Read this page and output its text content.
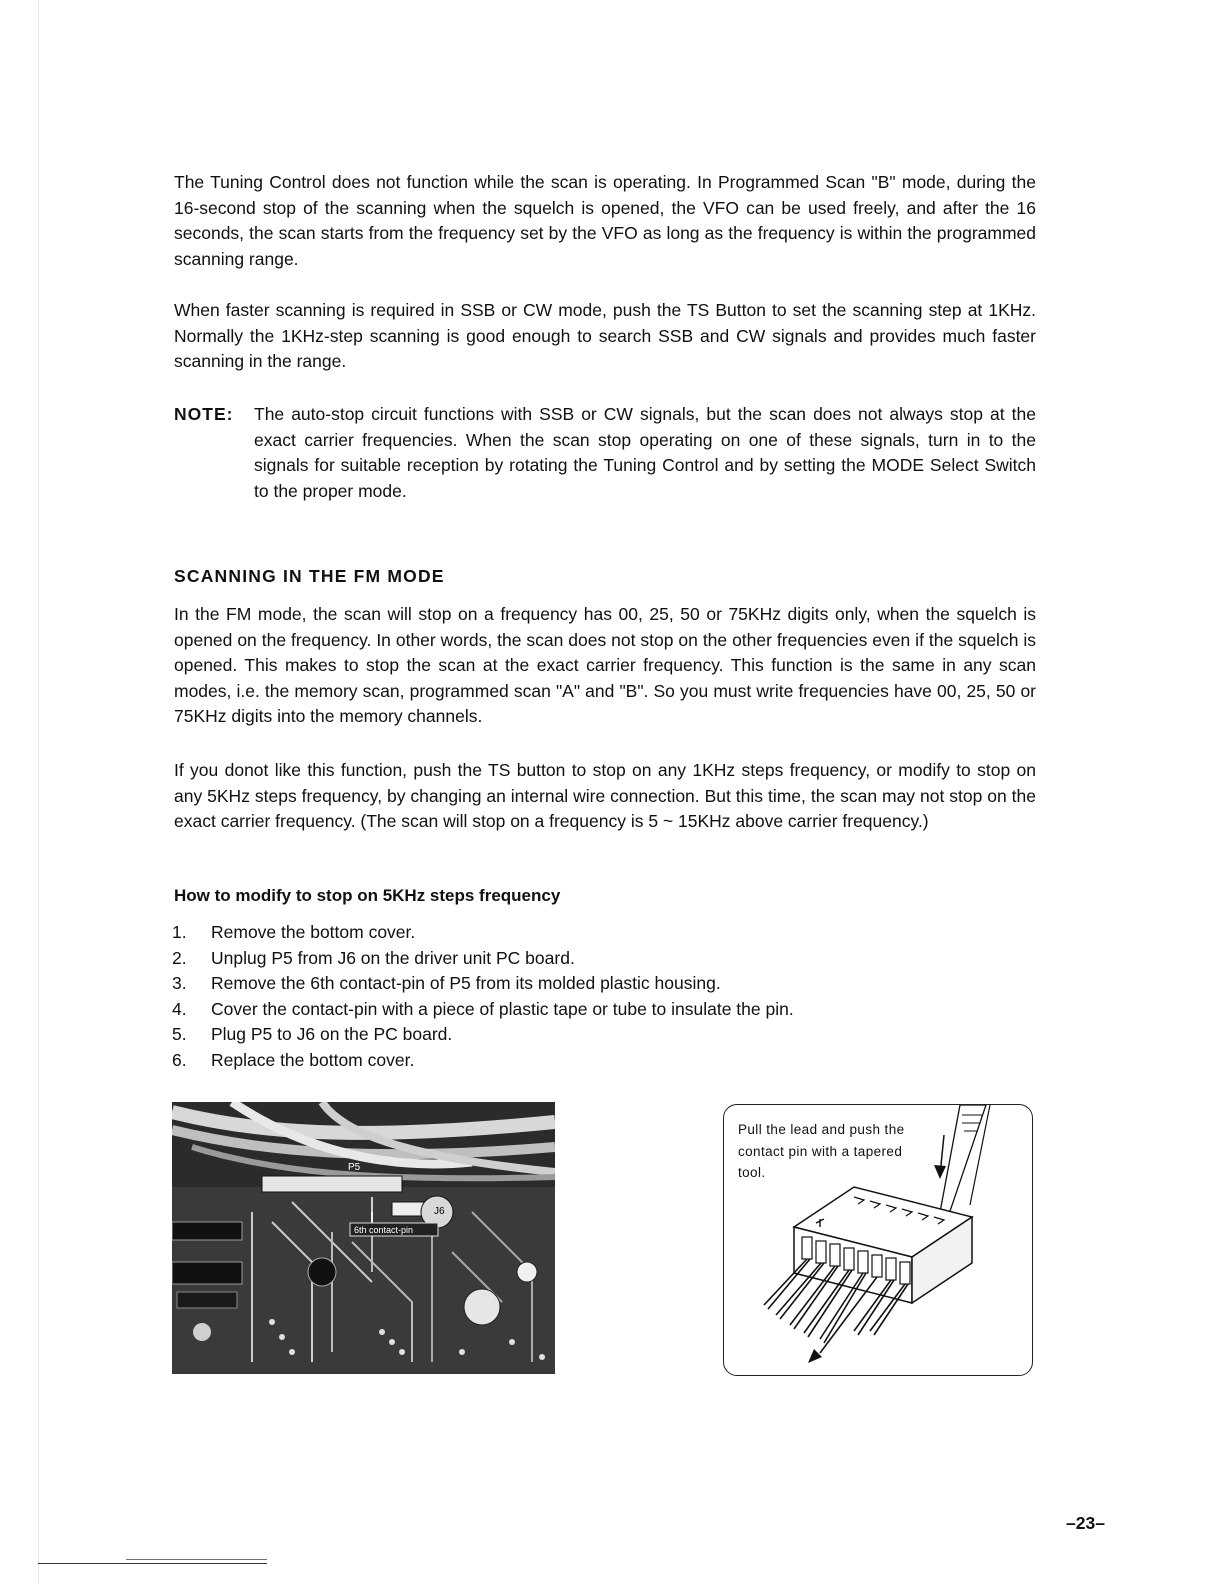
The Tuning Control does not function while the scan is operating. In Programmed Scan "B" mode, during the 16-second stop of the scanning when the squelch is opened, the VFO can be used freely, and after the 16 seconds, the scan starts from the frequency set by the VFO as long as the frequency is within the programmed scanning range.

When faster scanning is required in SSB or CW mode, push the TS Button to set the scanning step at 1KHz. Normally the 1KHz-step scanning is good enough to search SSB and CW signals and provides much faster scanning in the range.

NOTE: The auto-stop circuit functions with SSB or CW signals, but the scan does not always stop at the exact carrier frequencies. When the scan stop operating on one of these signals, turn in to the signals for suitable reception by rotating the Tuning Control and by setting the MODE Select Switch to the proper mode.
SCANNING IN THE FM MODE

In the FM mode, the scan will stop on a frequency has 00, 25, 50 or 75KHz digits only, when the squelch is opened on the frequency. In other words, the scan does not stop on the other frequencies even if the squelch is opened. This makes to stop the scan at the exact carrier frequency. This function is the same in any scan modes, i.e. the memory scan, programmed scan "A" and "B". So you must write frequencies have 00, 25, 50 or 75KHz digits into the memory channels.

If you donot like this function, push the TS button to stop on any 1KHz steps frequency, or modify to stop on any 5KHz steps frequency, by changing an internal wire connection. But this time, the scan may not stop on the exact carrier frequency. (The scan will stop on a frequency is 5 ~ 15KHz above carrier frequency.)

How to modify to stop on 5KHz steps frequency
1. Remove the bottom cover.
2. Unplug P5 from J6 on the driver unit PC board.
3. Remove the 6th contact-pin of P5 from its molded plastic housing.
4. Cover the contact-pin with a piece of plastic tape or tube to insulate the pin.
5. Plug P5 to J6 on the PC board.
6. Replace the bottom cover.
P5
J6
6th contact-pin
Pull the lead and push the contact pin with a tapered tool.
–23–
